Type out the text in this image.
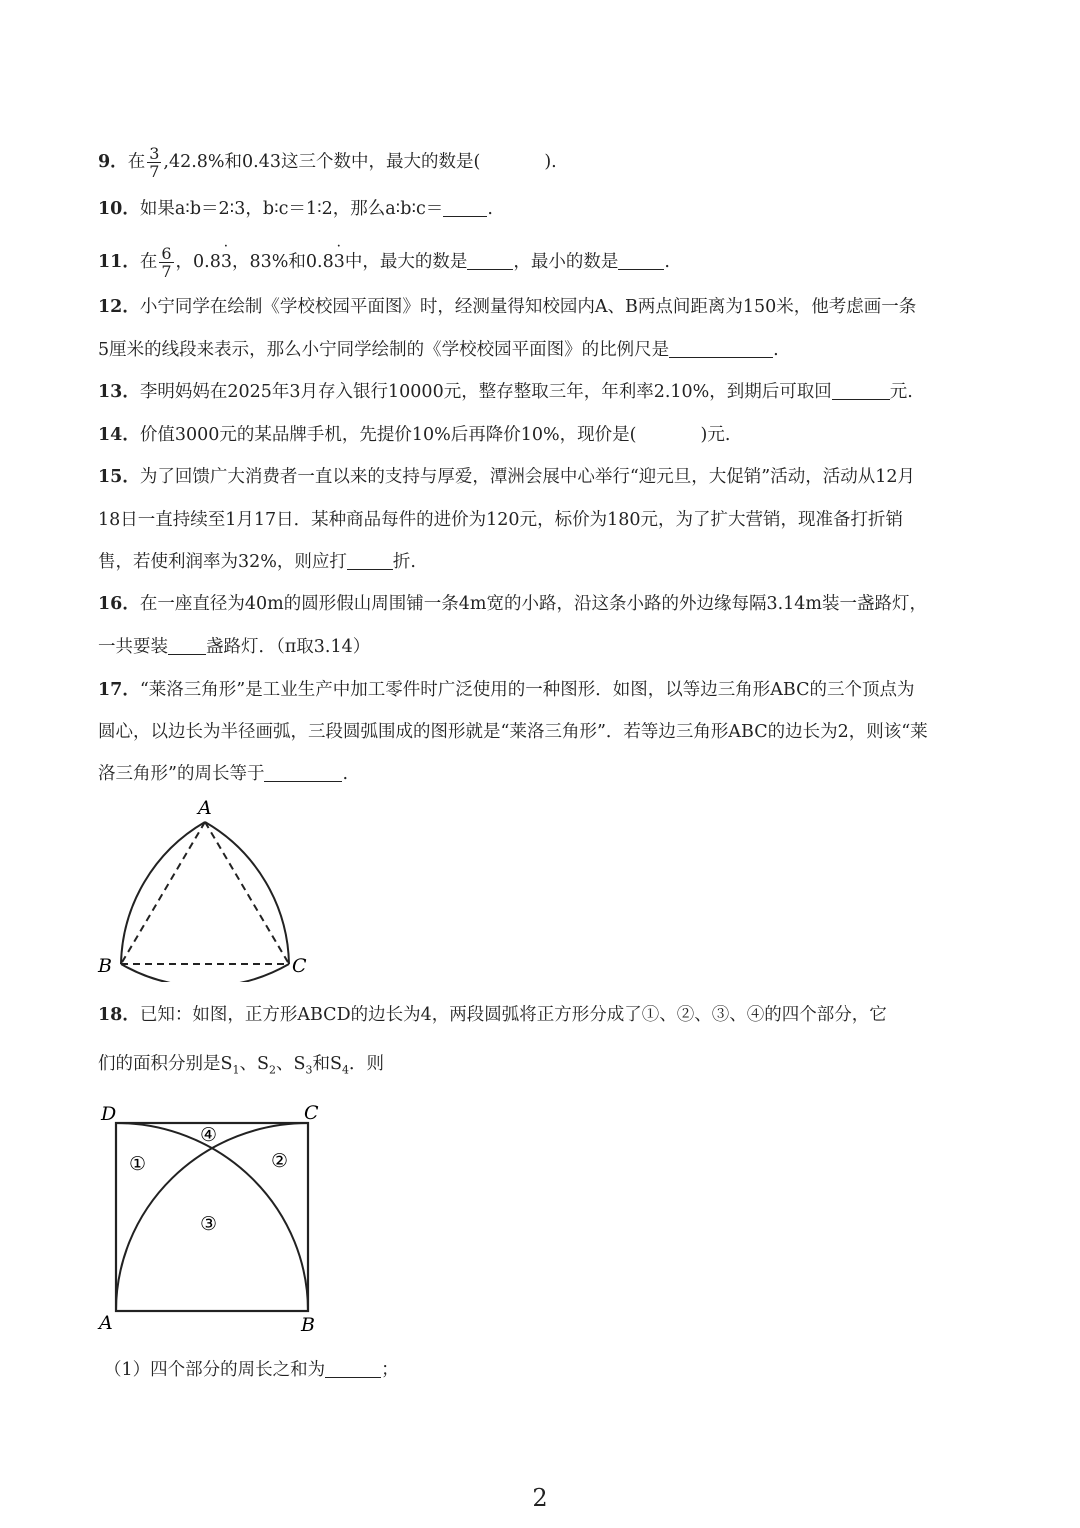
9．在 $\frac{3}{7} ,42.8\%$和0.43这三个数中，最大的数是(	).
10．如果a∶b＝2∶3，b∶c＝1∶2，那么a∶b∶c＝	.
11．在 $\frac{6}{7}$ ，0.83 ˙，83%和0.83 ˙中，最大的数是	，最小的数是	.
12．小宁同学在绘制《学校校园平面图》时，经测量得知校园内A、B两点间距离为150米，他考虑画一条
5厘米的线段来表示，那么小宁同学绘制的《学校校园平面图》的比例尺是	.
13．李明妈妈在2025年3月存入银行10000元，整存整取三年，年利率2.10%，到期后可取回	元.
14．价值3000元的某品牌手机，先提价10%后再降价10%，现价是(	)元.
15．为了回馈广大消费者一直以来的支持与厚爱，潭洲会展中心举行“迎元旦，大促销”活动，活动从12月
18日一直持续至1月17日．某种商品每件的进价为120元，标价为180元，为了扩大营销，现准备打折销
售，若使利润率为32%，则应打	折.
16．在一座直径为40m的圆形假山周围铺一条4m宽的小路，沿这条小路的外边缘每隔3.14m装一盏路灯，
一共要装 盏路灯．（π取3.14）
17．“莱洛三角形”是工业生产中加工零件时广泛使用的一种图形．如图，以等边三角形ABC的三个顶点为
圆心，以边长为半径画弧，三段圆弧围成的图形就是“莱洛三角形”．若等边三角形ABC的边长为2，则该“莱
洛三角形”的周长等于	.
A
B	C
18．已知：如图，正方形ABCD的边长为4，两段圆弧将正方形分成了①、②、③、④的四个部分，它
们的面积分别是$S_1$、$S_2$、$S_3$和$S_4$．则
D	C
A	B
①	②
③
④
（1）四个部分的周长之和为	；
2
